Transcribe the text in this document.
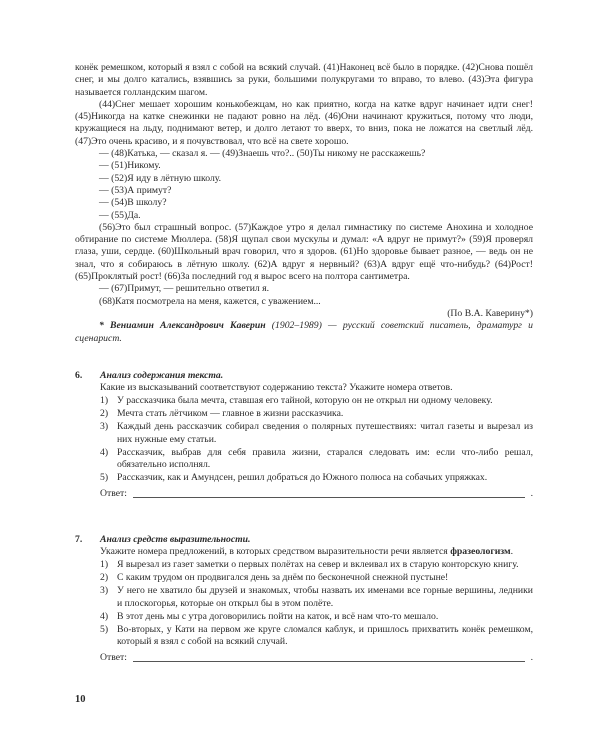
конёк ремешком, который я взял с собой на всякий случай. (41)Наконец всё было в порядке. (42)Снова пошёл снег, и мы долго катались, взявшись за руки, большими полукругами то вправо, то влево. (43)Эта фигура называется голландским шагом.

(44)Снег мешает хорошим конькобежцам, но как приятно, когда на катке вдруг начинает идти снег! (45)Никогда на катке снежинки не падают ровно на лёд. (46)Они начинают кружиться, потому что люди, кружащиеся на льду, поднимают ветер, и долго летают то вверх, то вниз, пока не ложатся на светлый лёд. (47)Это очень красиво, и я почувствовал, что всё на свете хорошо.

— (48)Катька, — сказал я. — (49)Знаешь что?.. (50)Ты никому не расскажешь?

— (51)Никому.

— (52)Я иду в лётную школу.

— (53)А примут?

— (54)В школу?

— (55)Да.

(56)Это был страшный вопрос. (57)Каждое утро я делал гимнастику по системе Анохина и холодное обтирание по системе Мюллера. (58)Я щупал свои мускулы и думал: «А вдруг не примут?» (59)Я проверял глаза, уши, сердце. (60)Школьный врач говорил, что я здоров. (61)Но здоровье бывает разное, — ведь он не знал, что я собираюсь в лётную школу. (62)А вдруг я нервный? (63)А вдруг ещё что-нибудь? (64)Рост! (65)Проклятый рост! (66)За последний год я вырос всего на полтора сантиметра.

— (67)Примут, — решительно ответил я.

(68)Катя посмотрела на меня, кажется, с уважением...

(По В.А. Каверину*)

* Вениамин Александрович Каверин (1902–1989) — русский советский писатель, драматург и сценарист.

6. Анализ содержания текста.

Какие из высказываний соответствуют содержанию текста? Укажите номера ответов.

1) У рассказчика была мечта, ставшая его тайной, которую он не открыл ни одному человеку.
2) Мечта стать лётчиком — главное в жизни рассказчика.
3) Каждый день рассказчик собирал сведения о полярных путешествиях: читал газеты и вырезал из них нужные ему статьи.
4) Рассказчик, выбрав для себя правила жизни, старался следовать им: если что-либо решал, обязательно исполнял.
5) Рассказчик, как и Амундсен, решил добраться до Южного полюса на собачьих упряжках.
Ответ:	.
7. Анализ средств выразительности.

Укажите номера предложений, в которых средством выразительности речи является фразеологизм.

1) Я вырезал из газет заметки о первых полётах на север и вклеивал их в старую конторскую книгу.
2) С каким трудом он продвигался день за днём по бесконечной снежной пустыне!
3) У него не хватило бы друзей и знакомых, чтобы назвать их именами все горные вершины, ледники и плоскогорья, которые он открыл бы в этом полёте.
4) В этот день мы с утра договорились пойти на каток, и всё нам что-то мешало.
5) Во-вторых, у Кати на первом же круге сломался каблук, и пришлось прихватить конёк ремешком, который я взял с собой на всякий случай.
Ответ:	.
10
